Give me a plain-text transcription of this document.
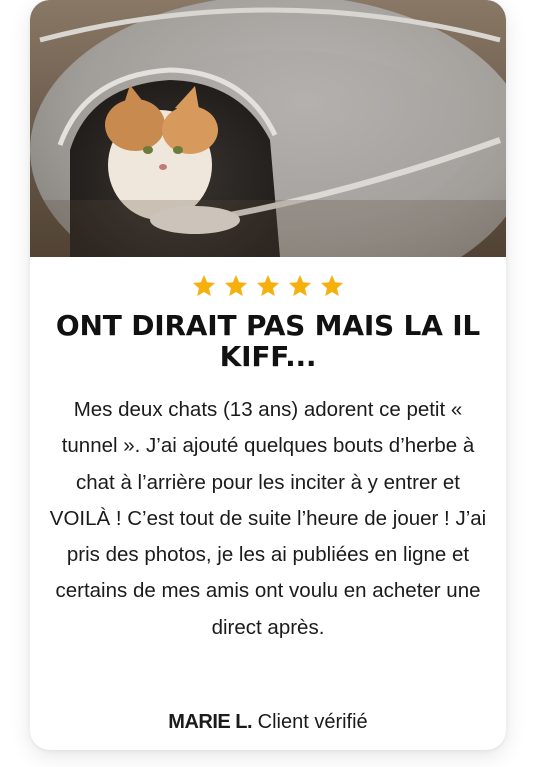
ONT DIRAIT PAS MAIS LA IL KIFF...
Mes deux chats (13 ans) adorent ce petit « tunnel ». J’ai ajouté quelques bouts d’herbe à chat à l’arrière pour les inciter à y entrer et VOILÀ ! C’est tout de suite l’heure de jouer ! J’ai pris des photos, je les ai publiées en ligne et certains de mes amis ont voulu en acheter une direct après.
MARIE L. Client vérifié
